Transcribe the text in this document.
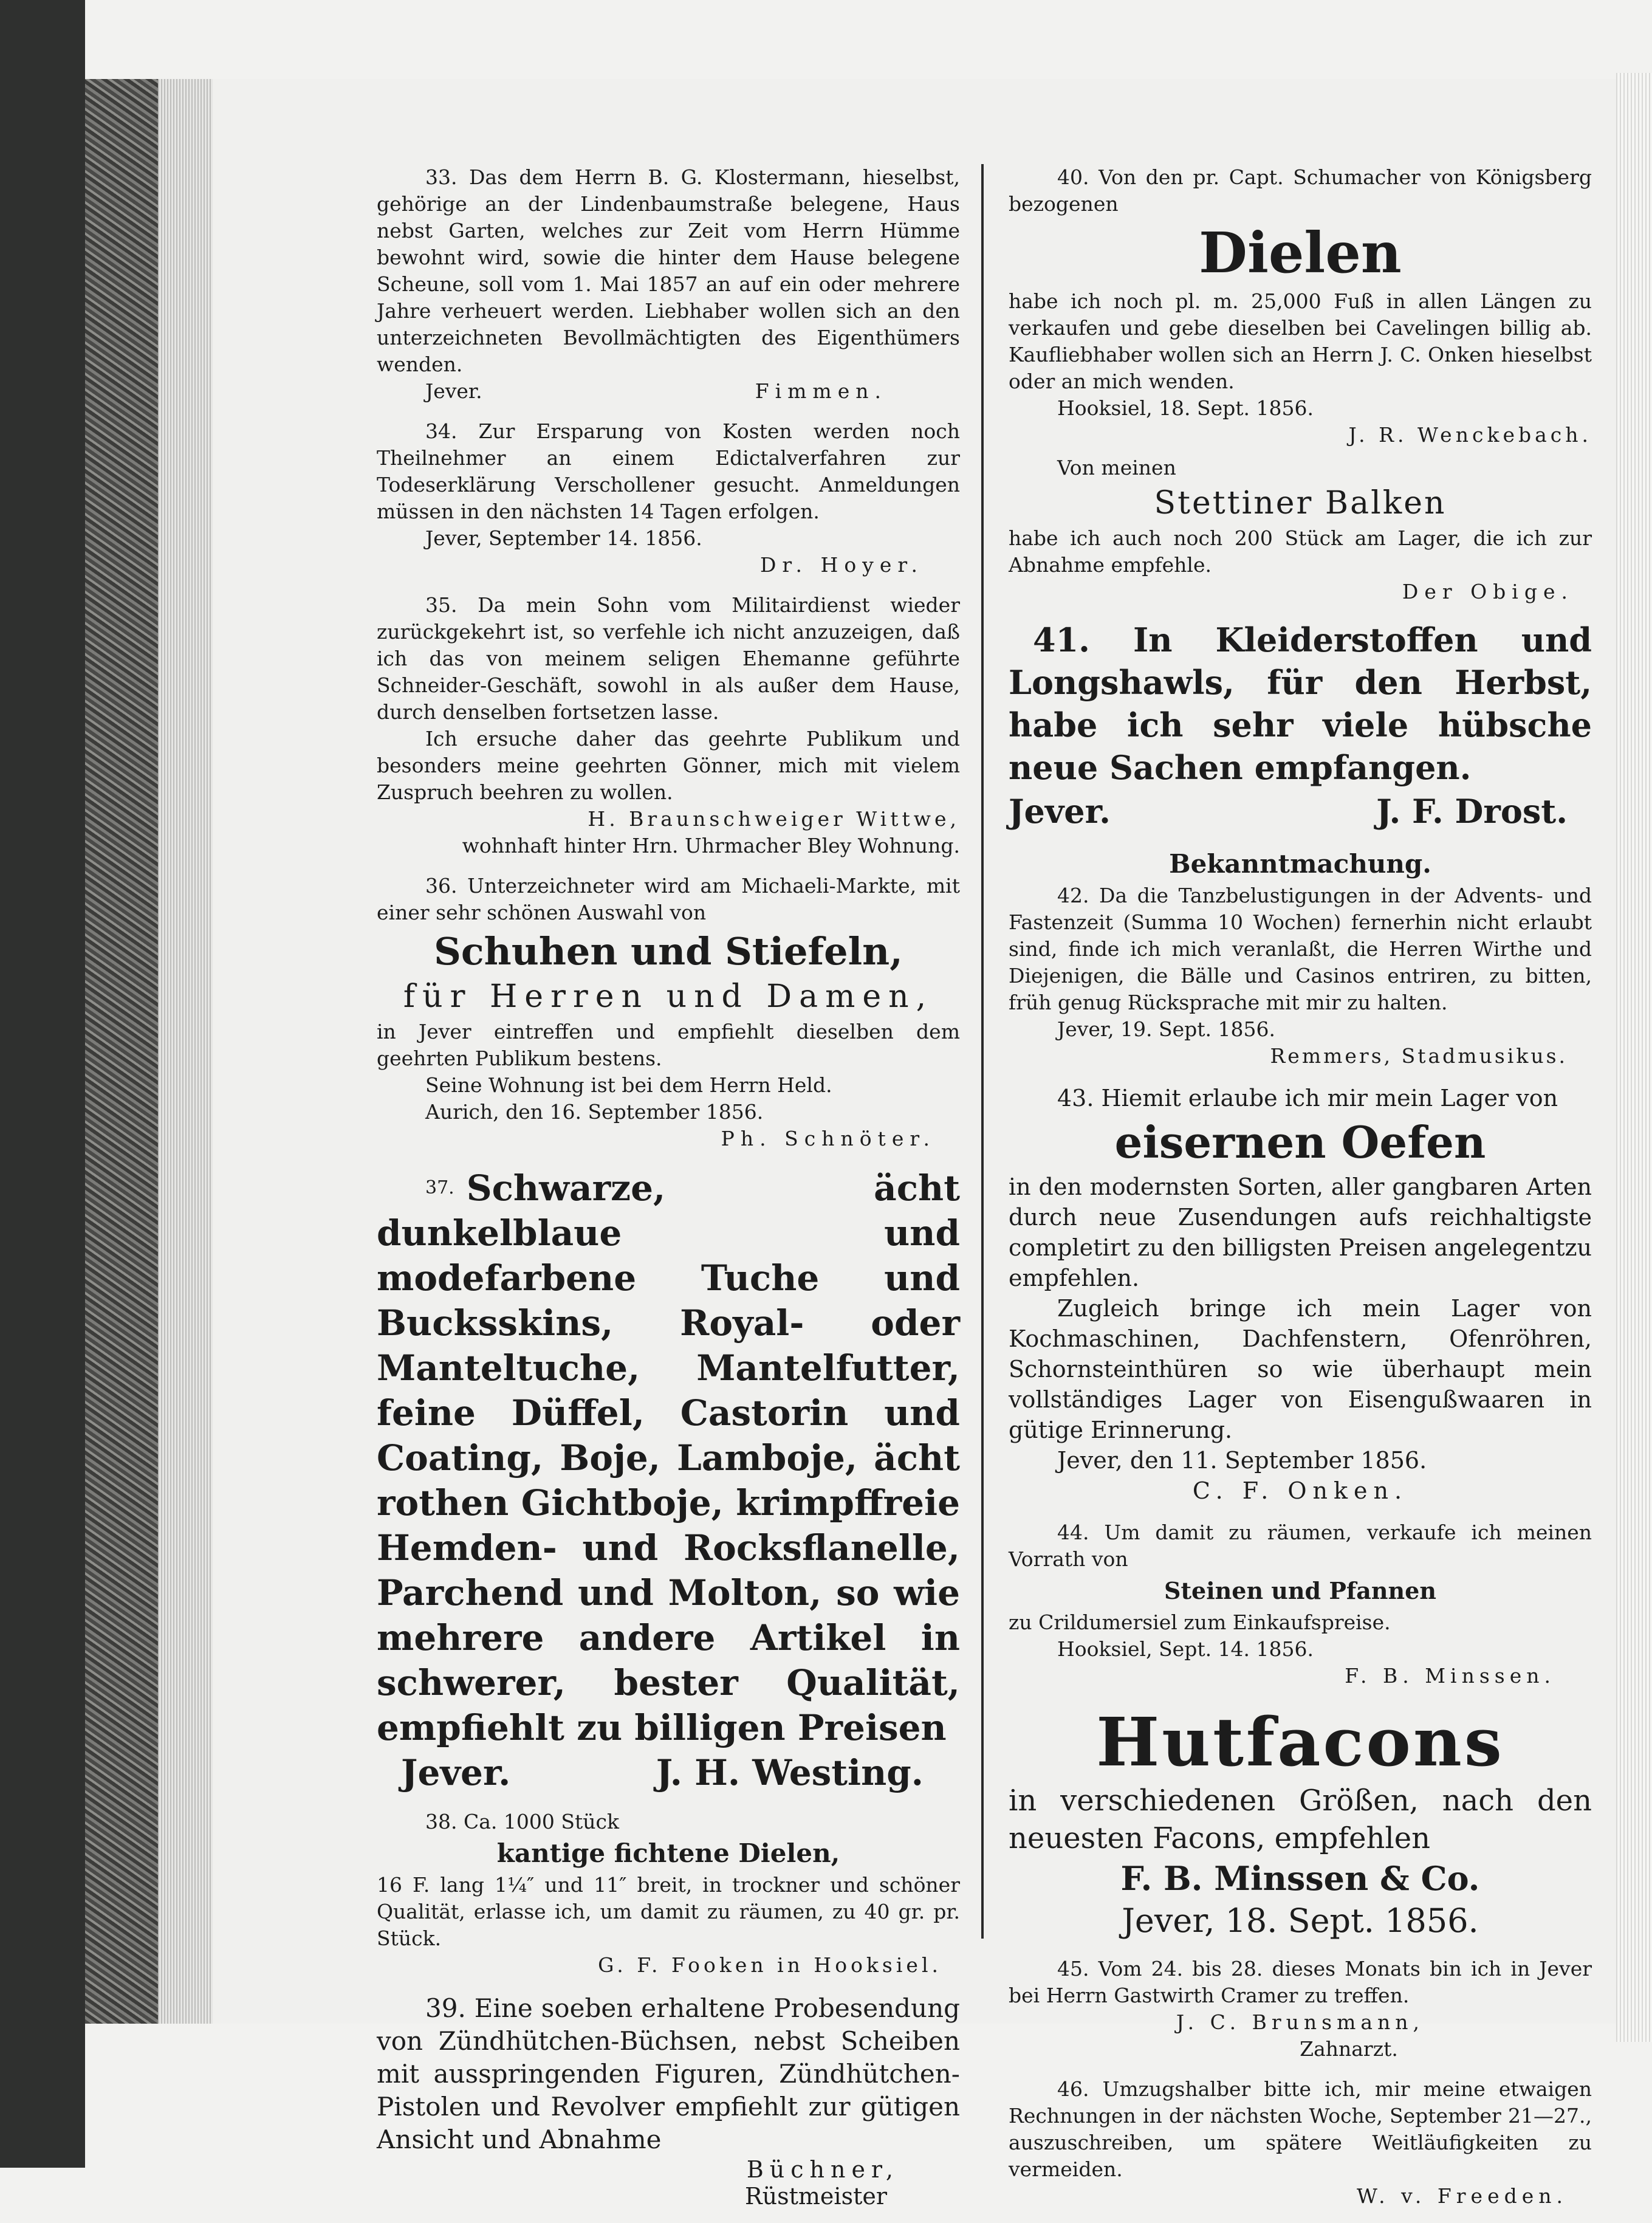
33. Das dem Herrn B. G. Klostermann, hieselbst, gehörige an der Lindenbaumstraße belegene, Haus nebst Garten, welches zur Zeit vom Herrn Hümme bewohnt wird, sowie die hinter dem Hause belegene Scheune, soll vom 1. Mai 1857 an auf ein oder mehrere Jahre verheuert werden. Liebhaber wollen sich an den unterzeichneten Bevollmächtigten des Eigenthümers wenden.

Jever.	Fimmen.

34. Zur Ersparung von Kosten werden noch Theilnehmer an einem Edictalverfahren zur Todeserklärung Verschollener gesucht. Anmeldungen müssen in den nächsten 14 Tagen erfolgen.

Jever, September 14. 1856.

Dr. Hoyer.

35. Da mein Sohn vom Militairdienst wieder zurückgekehrt ist, so verfehle ich nicht anzuzeigen, daß ich das von meinem seligen Ehemanne geführte Schneider-Geschäft, sowohl in als außer dem Hause, durch denselben fortsetzen lasse.

Ich ersuche daher das geehrte Publikum und besonders meine geehrten Gönner, mich mit vielem Zuspruch beehren zu wollen.

H. Braunschweiger Wittwe,

wohnhaft hinter Hrn. Uhrmacher Bley Wohnung.

36. Unterzeichneter wird am Michaeli-Markte, mit einer sehr schönen Auswahl von

Schuhen und Stiefeln,

für Herren und Damen,

in Jever eintreffen und empfiehlt dieselben dem geehrten Publikum bestens.

Seine Wohnung ist bei dem Herrn Held.

Aurich, den 16. September 1856.

Ph. Schnöter.

$^{37.}$ Schwarze, ächt dunkelblaue und modefarbene Tuche und Bucksskins, Royal- oder Manteltuche, Mantelfutter, feine Düffel, Castorin und Coating, Boje, Lamboje, ächt rothen Gichtboje, krimpffreie Hemden- und Rocksflanelle, Parchend und Molton, so wie mehrere andere Artikel in schwerer, bester Qualität, empfiehlt zu billigen Preisen

Jever.	J. H. Westing.

38. Ca. 1000 Stück

kantige fichtene Dielen,

16 F. lang 1¼″ und 11″ breit, in trockner und schöner Qualität, erlasse ich, um damit zu räumen, zu 40 gr. pr. Stück.

G. F. Fooken in Hooksiel.

39. Eine soeben erhaltene Probesendung von Zündhütchen-Büchsen, nebst Scheiben mit ausspringenden Figuren, Zündhütchen-Pistolen und Revolver empfiehlt zur gütigen Ansicht und Abnahme

Büchner,

Rüstmeister

40. Von den pr. Capt. Schumacher von Königsberg bezogenen

Dielen

habe ich noch pl. m. 25,000 Fuß in allen Längen zu verkaufen und gebe dieselben bei Cavelingen billig ab. Kaufliebhaber wollen sich an Herrn J. C. Onken hieselbst oder an mich wenden.

Hooksiel, 18. Sept. 1856.

J. R. Wenckebach.

Von meinen

Stettiner Balken

habe ich auch noch 200 Stück am Lager, die ich zur Abnahme empfehle.

Der Obige.

41. In Kleiderstoffen und Longshawls, für den Herbst, habe ich sehr viele hübsche neue Sachen empfangen.

Jever.	J. F. Drost.

Bekanntmachung.

42. Da die Tanzbelustigungen in der Advents- und Fastenzeit (Summa 10 Wochen) fernerhin nicht erlaubt sind, finde ich mich veranlaßt, die Herren Wirthe und Diejenigen, die Bälle und Casinos entriren, zu bitten, früh genug Rücksprache mit mir zu halten.

Jever, 19. Sept. 1856.

Remmers, Stadmusikus.

43. Hiemit erlaube ich mir mein Lager von

eisernen Oefen

in den modernsten Sorten, aller gangbaren Arten durch neue Zusendungen aufs reichhaltigste completirt zu den billigsten Preisen angelegentzu empfehlen.

Zugleich bringe ich mein Lager von Kochmaschinen, Dachfenstern, Ofenröhren, Schornsteinthüren so wie überhaupt mein vollständiges Lager von Eisengußwaaren in gütige Erinnerung.

Jever, den 11. September 1856.

C. F. Onken.

44. Um damit zu räumen, verkaufe ich meinen Vorrath von

Steinen und Pfannen

zu Crildumersiel zum Einkaufspreise.

Hooksiel, Sept. 14. 1856.

F. B. Minssen.

Hutfacons

in verschiedenen Größen, nach den neuesten Facons, empfehlen

F. B. Minssen & Co.

Jever, 18. Sept. 1856.

45. Vom 24. bis 28. dieses Monats bin ich in Jever bei Herrn Gastwirth Cramer zu treffen.

J. C. Brunsmann,

Zahnarzt.

46. Umzugshalber bitte ich, mir meine etwaigen Rechnungen in der nächsten Woche, September 21—27., auszuschreiben, um spätere Weitläufigkeiten zu vermeiden.

W. v. Freeden.
